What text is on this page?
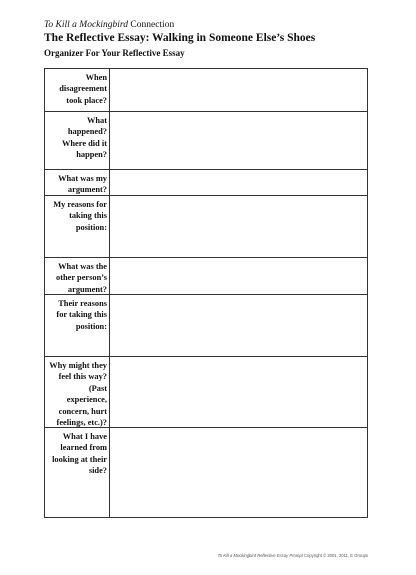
To Kill a Mockingbird Connection
The Reflective Essay: Walking in Someone Else’s Shoes
Organizer For Your Reflective Essay
When disagreement took place?
What happened? Where did it happen?
What was my argument?
My reasons for taking this position:
What was the other person’s argument?
Their reasons for taking this position:
Why might they feel this way? (Past experience, concern, hurt feelings, etc.)?
What I have learned from looking at their side?
To Kill a Mockingbird Reflective Essay Prompt Copyright © 2001, 2011, E Groups
